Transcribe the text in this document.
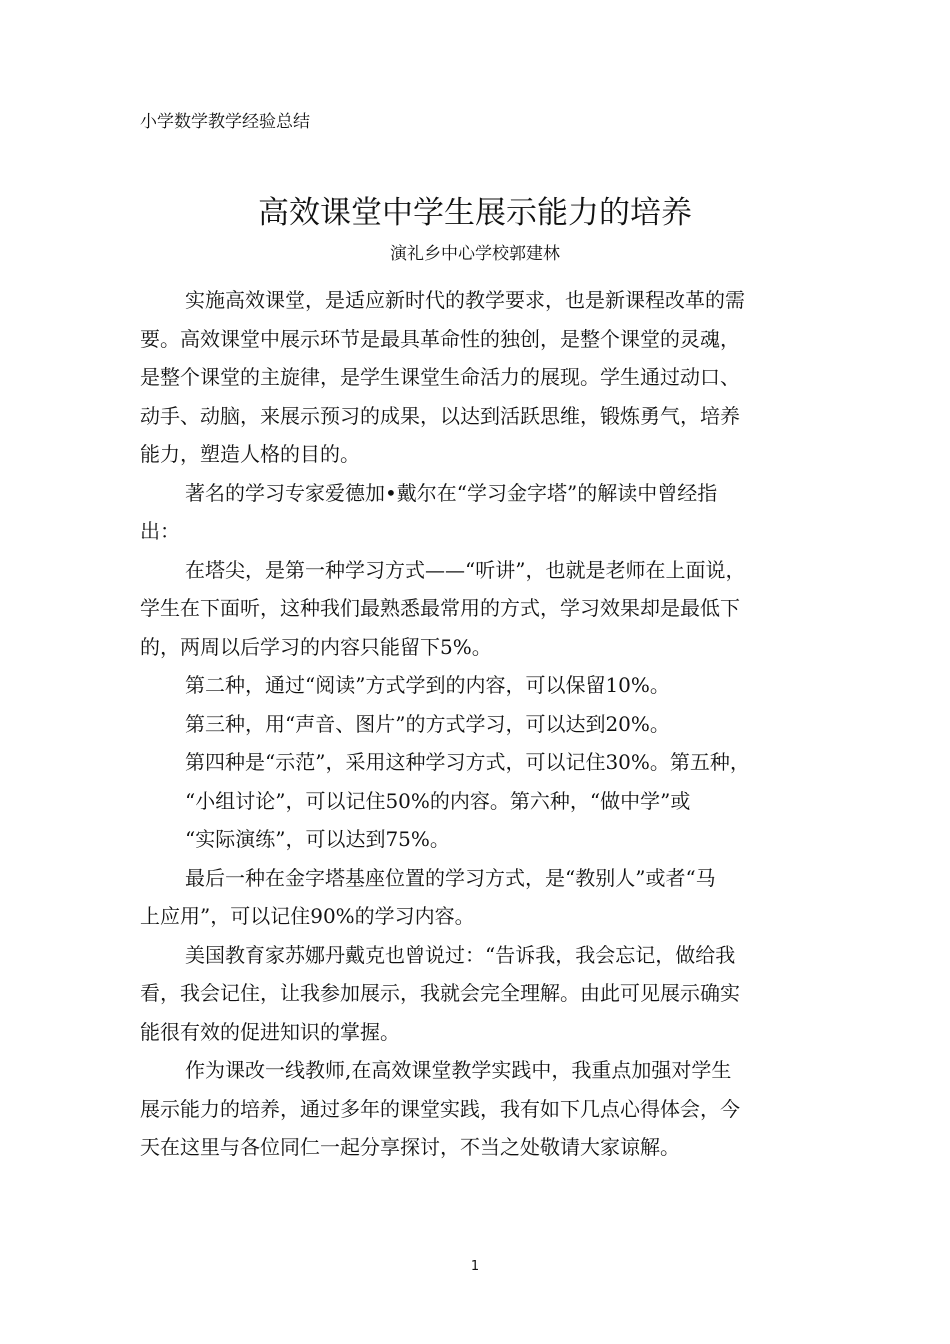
小学数学教学经验总结
高效课堂中学生展示能力的培养
演礼乡中心学校郭建林
实施高效课堂，是适应新时代的教学要求，也是新课程改革的需
要。高效课堂中展示环节是最具革命性的独创，是整个课堂的灵魂，
是整个课堂的主旋律，是学生课堂生命活力的展现。学生通过动口、
动手、动脑，来展示预习的成果，以达到活跃思维，锻炼勇气，培养
能力，塑造人格的目的。
著名的学习专家爱德加•戴尔在“学习金字塔”的解读中曾经指
出：
在塔尖，是第一种学习方式——“听讲”，也就是老师在上面说，
学生在下面听，这种我们最熟悉最常用的方式，学习效果却是最低下
的，两周以后学习的内容只能留下5%。
第二种，通过“阅读”方式学到的内容，可以保留10%。
第三种，用“声音、图片”的方式学习，可以达到20%。
第四种是“示范”，采用这种学习方式，可以记住30%。第五种，
“小组讨论”，可以记住50%的内容。第六种，“做中学”或
“实际演练”，可以达到75%。
最后一种在金字塔基座位置的学习方式，是“教别人”或者“马
上应用”，可以记住90%的学习内容。
美国教育家苏娜丹戴克也曾说过：“告诉我，我会忘记，做给我
看，我会记住，让我参加展示，我就会完全理解。由此可见展示确实
能很有效的促进知识的掌握。
作为课改一线教师,在高效课堂教学实践中，我重点加强对学生
展示能力的培养，通过多年的课堂实践，我有如下几点心得体会，今
天在这里与各位同仁一起分享探讨，不当之处敬请大家谅解。
1
